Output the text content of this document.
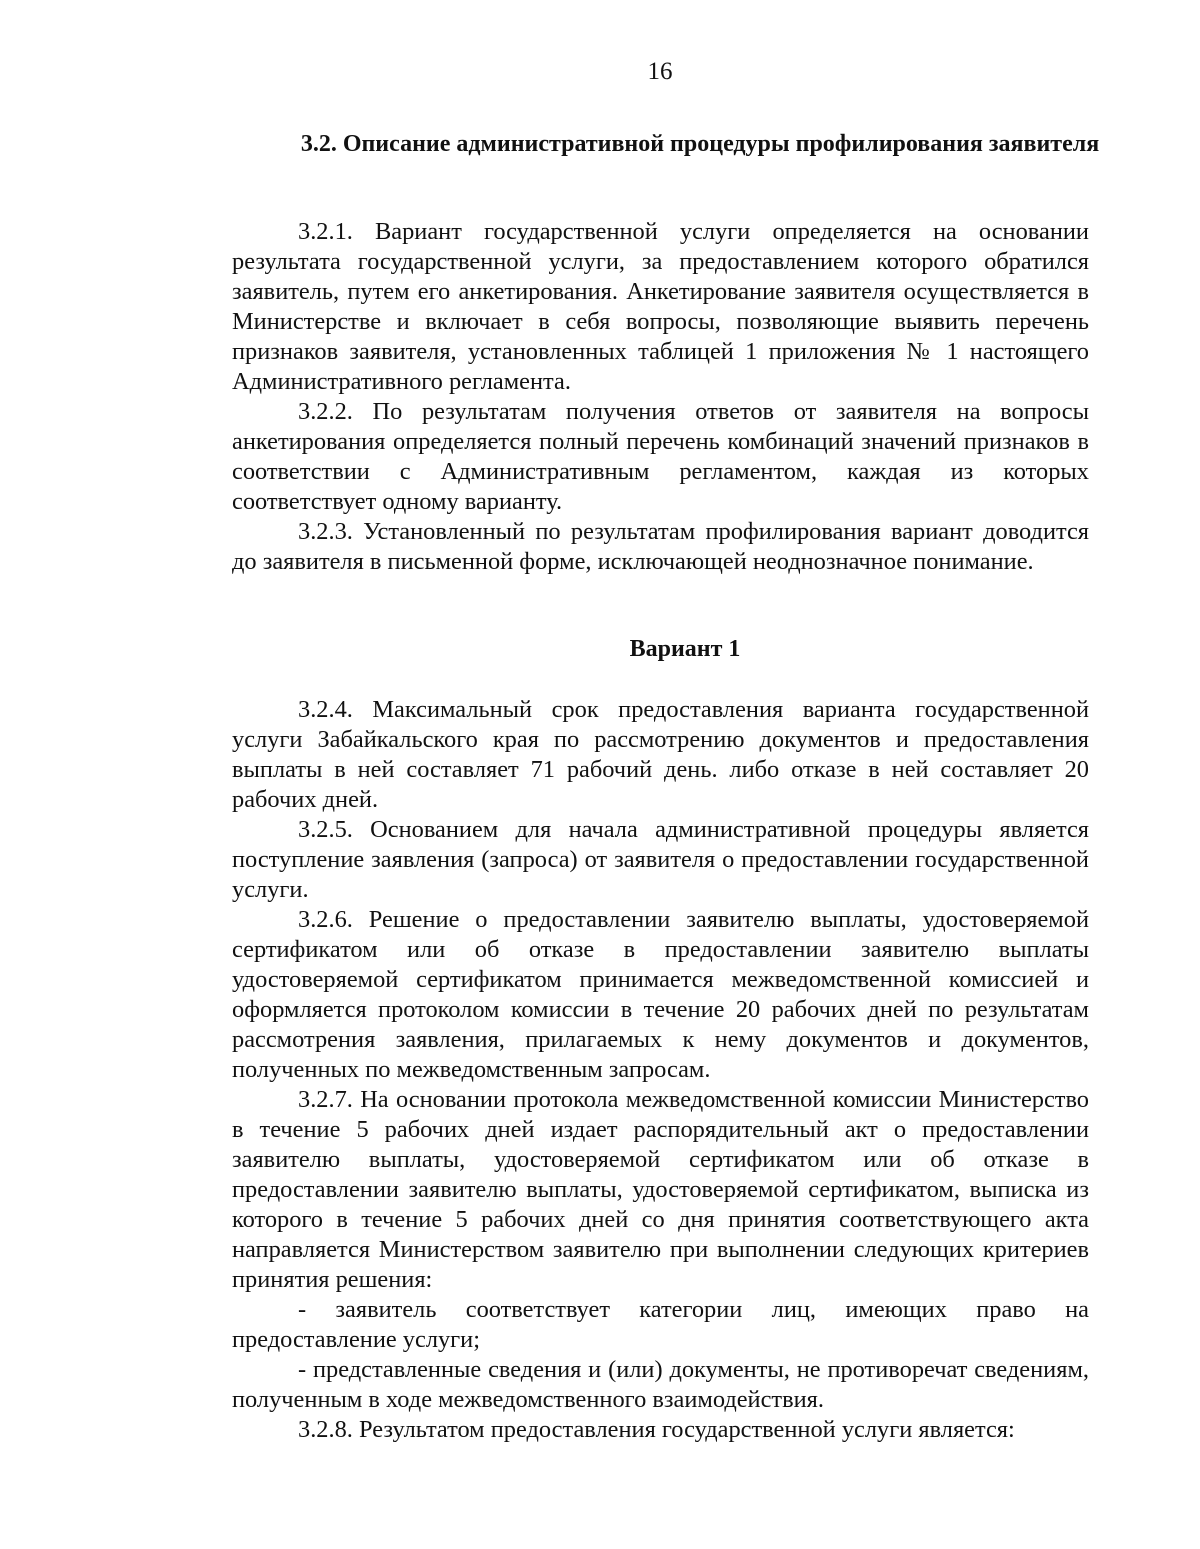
16
3.2. Описание административной процедуры профилирования заявителя

3.2.1. Вариант государственной услуги определяется на основании результата государственной услуги, за предоставлением которого обратился заявитель, путем его анкетирования. Анкетирование заявителя осуществляется в Министерстве и включает в себя вопросы, позволяющие выявить перечень признаков заявителя, установленных таблицей 1 приложения № 1 настоящего Административного регламента.

3.2.2. По результатам получения ответов от заявителя на вопросы анкетирования определяется полный перечень комбинаций значений признаков в соответствии с Административным регламентом, каждая из которых соответствует одному варианту.

3.2.3. Установленный по результатам профилирования вариант доводится до заявителя в письменной форме, исключающей неоднозначное понимание.

Вариант 1

3.2.4. Максимальный срок предоставления варианта государственной услуги Забайкальского края по рассмотрению документов и предоставления выплаты в ней составляет 71 рабочий день. либо отказе в ней составляет 20 рабочих дней.

3.2.5. Основанием для начала административной процедуры является поступление заявления (запроса) от заявителя о предоставлении государственной услуги.

3.2.6. Решение о предоставлении заявителю выплаты, удостоверяемой сертификатом или об отказе в предоставлении заявителю выплаты удостоверяемой сертификатом принимается межведомственной комиссией и оформляется протоколом комиссии в течение 20 рабочих дней по результатам рассмотрения заявления, прилагаемых к нему документов и документов, полученных по межведомственным запросам.

3.2.7. На основании протокола межведомственной комиссии Министерство в течение 5 рабочих дней издает распорядительный акт о предоставлении заявителю выплаты, удостоверяемой сертификатом или об отказе в предоставлении заявителю выплаты, удостоверяемой сертификатом, выписка из которого в течение 5 рабочих дней со дня принятия соответствующего акта направляется Министерством заявителю при выполнении следующих критериев принятия решения:

- заявитель соответствует категории лиц, имеющих право на предоставление услуги;

- представленные сведения и (или) документы, не противоречат сведениям, полученным в ходе межведомственного взаимодействия.

3.2.8. Результатом предоставления государственной услуги является:
